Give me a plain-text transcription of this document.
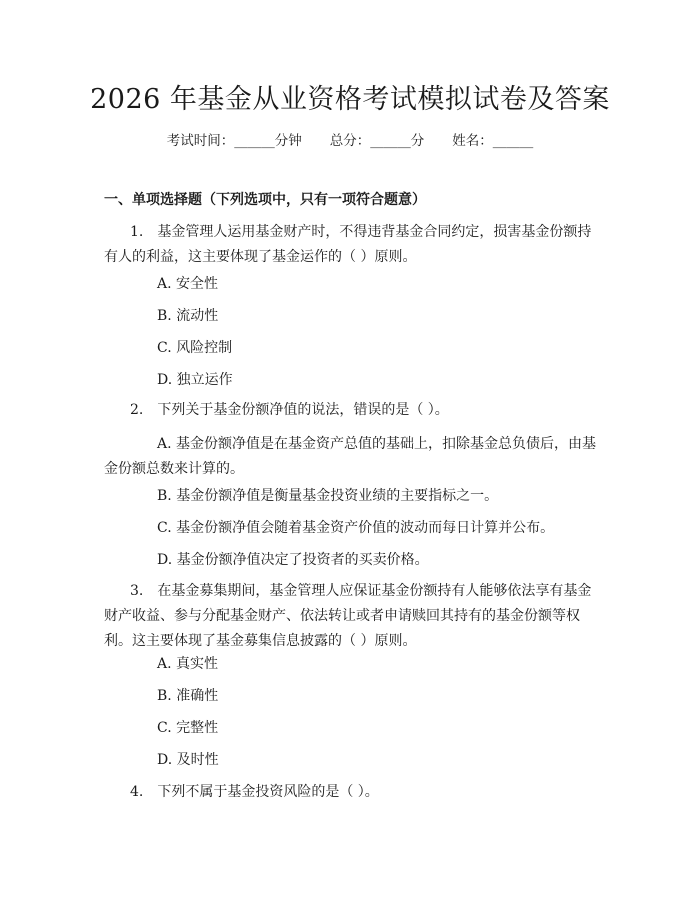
2026 年基金从业资格考试模拟试卷及答案
考试时间：______分钟 总分：______分 姓名：______
一、单项选择题（下列选项中，只有一项符合题意）
1.　基金管理人运用基金财产时，不得违背基金合同约定，损害基金份额持有人的利益，这主要体现了基金运作的（ ）原则。
A. 安全性
B. 流动性
C. 风险控制
D. 独立运作
2.　下列关于基金份额净值的说法，错误的是（ ）。
A. 基金份额净值是在基金资产总值的基础上，扣除基金总负债后，由基金份额总数来计算的。
B. 基金份额净值是衡量基金投资业绩的主要指标之一。
C. 基金份额净值会随着基金资产价值的波动而每日计算并公布。
D. 基金份额净值决定了投资者的买卖价格。
3.　在基金募集期间，基金管理人应保证基金份额持有人能够依法享有基金财产收益、参与分配基金财产、依法转让或者申请赎回其持有的基金份额等权利。这主要体现了基金募集信息披露的（ ）原则。
A. 真实性
B. 准确性
C. 完整性
D. 及时性
4.　下列不属于基金投资风险的是（ ）。
